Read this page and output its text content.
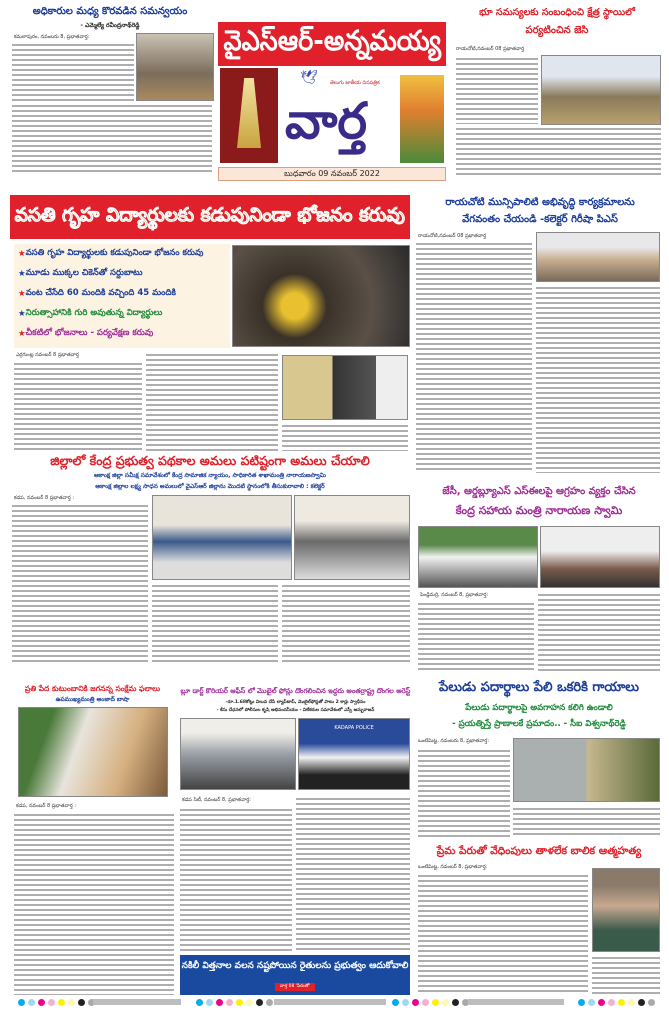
అధికారుల మధ్య కొరవడిన సమన్వయం
- ఎమ్మెల్యే రవీంద్రనాథ్‌రెడ్డి
కమలాపురం, నవంబరు 8, ప్రభాతవార్త:	వైఎస్ఆర్-అన్నమయ్య
తెలుగు జాతీయ దినపత్రిక
🕊
వార్త
బుధవారం 09 నవంబర్ 2022
భూ సమస్యలకు సంబంధించి క్షేత్ర స్థాయిలో
పర్యటించిన జెసి
రాయచోటి,నవంబర్ 08 ప్రభాతవార్త
వసతి గృహ విద్యార్థులకు కడుపునిండా భోజనం కరువు
★ వసతి గృహ విద్యార్థులకు కడుపునిండా భోజనం కరువు
★ మూడు ముక్కల చికెన్‌తో సర్దుబాటు
★ వంట చేసేది 60 మందికి వచ్చింది 45 మందికి
★ నిరుత్సాహానికి గురి అవుతున్న విద్యార్థులు
★ చీకటిలో భోజనాలు - పర్యవేక్షణ కరువు
ఎర్రగుంట్ల నవంబర్ 8 ప్రభాతవార్త
జిల్లాలో కేంద్ర ప్రభుత్వ పథకాల అమలు పటిష్టంగా అమలు చేయాలి
ఆకాంక్ష జిల్లా సమీక్ష సమావేశంలో కేంద్ర సామాజిక న్యాయం, సాధికారిత శాఖామంత్రి నారాయణస్వామి
ఆకాంక్ష జిల్లాల లక్ష్య సాధన అమలులో వైఎస్ఆర్ జిల్లాను మొదటి స్థానంలోకి తీసుకురావాలి : కలెక్టర్
కడప, నవంబర్ 8 ప్రభాతవార్త :
రాయచోటి మున్సిపాలిటి అభివృద్ధి కార్యక్రమాలను
వేగవంతం చేయండి -కలెక్టర్ గిరీషా పిఎస్
రాయచోటి,నవంబర్ 08 ప్రభాతవార్త
జేసీ, ఆర్డబ్ల్యూఎస్ ఎస్ఈలపై ఆగ్రహం వ్యక్తం చేసిన
కేంద్ర సహాయ మంత్రి నారాయణ స్వామి
పెండ్లిమర్రి, నవంబర్ 8, ప్రభాతవార్త:
ప్రతి పేద కుటుంబానికి జగనన్న సంక్షేమ ఫలాలు
ఉపముఖ్యమంత్రి అంజాద్ బాషా
కడప, నవంబర్ 8 ప్రభాతవార్త :
బ్లూ డార్ట్ కొరియర్ ఆఫీస్ లో మొబైల్ ఫోన్లు దొంగలించిన ఇద్దరు అంతర్రాష్ట్ర దొంగల అరెస్ట్
-రూ.1.68కోట్లు విలువ చేసే ల్యాప్‌టాప్, మొబైల్‌ఫోన్లతో పాటు 2 కార్లు స్వాధీనం
- కేసు చేధనలో పోలీసుల కృషి అభినందనీయం - విలేకరుల సమావేశంలో ఎస్పీ అన్బురాజన్
KADAPA POLICE
కడప సిటీ, నవంబర్ 8, ప్రభాతవార్త:
నకిలీ విత్తనాల వలన నష్టపోయిన రైతులను ప్రభుత్వం ఆదుకోవాలి
వార్త 08 'పేరుతో'
పేలుడు పదార్థాలు పేలి ఒకరికి గాయాలు
పేలుడు పదార్థాలపై అవగాహన కలిగి ఉండాలి
- ప్రయత్నిస్తే ప్రాణాలకే ప్రమాదం.. - సీఐ విశ్వనాథ్‌రెడ్డి
ఒంటిమిట్ట, నవంబరు 8, ప్రభాతవార్త:
ప్రేమ పేరుతో వేధింపులు తాళలేక బాలిక ఆత్మహత్య
ఒంటిమిట్ట, నవంబర్ 8, ప్రభాతవార్త:
